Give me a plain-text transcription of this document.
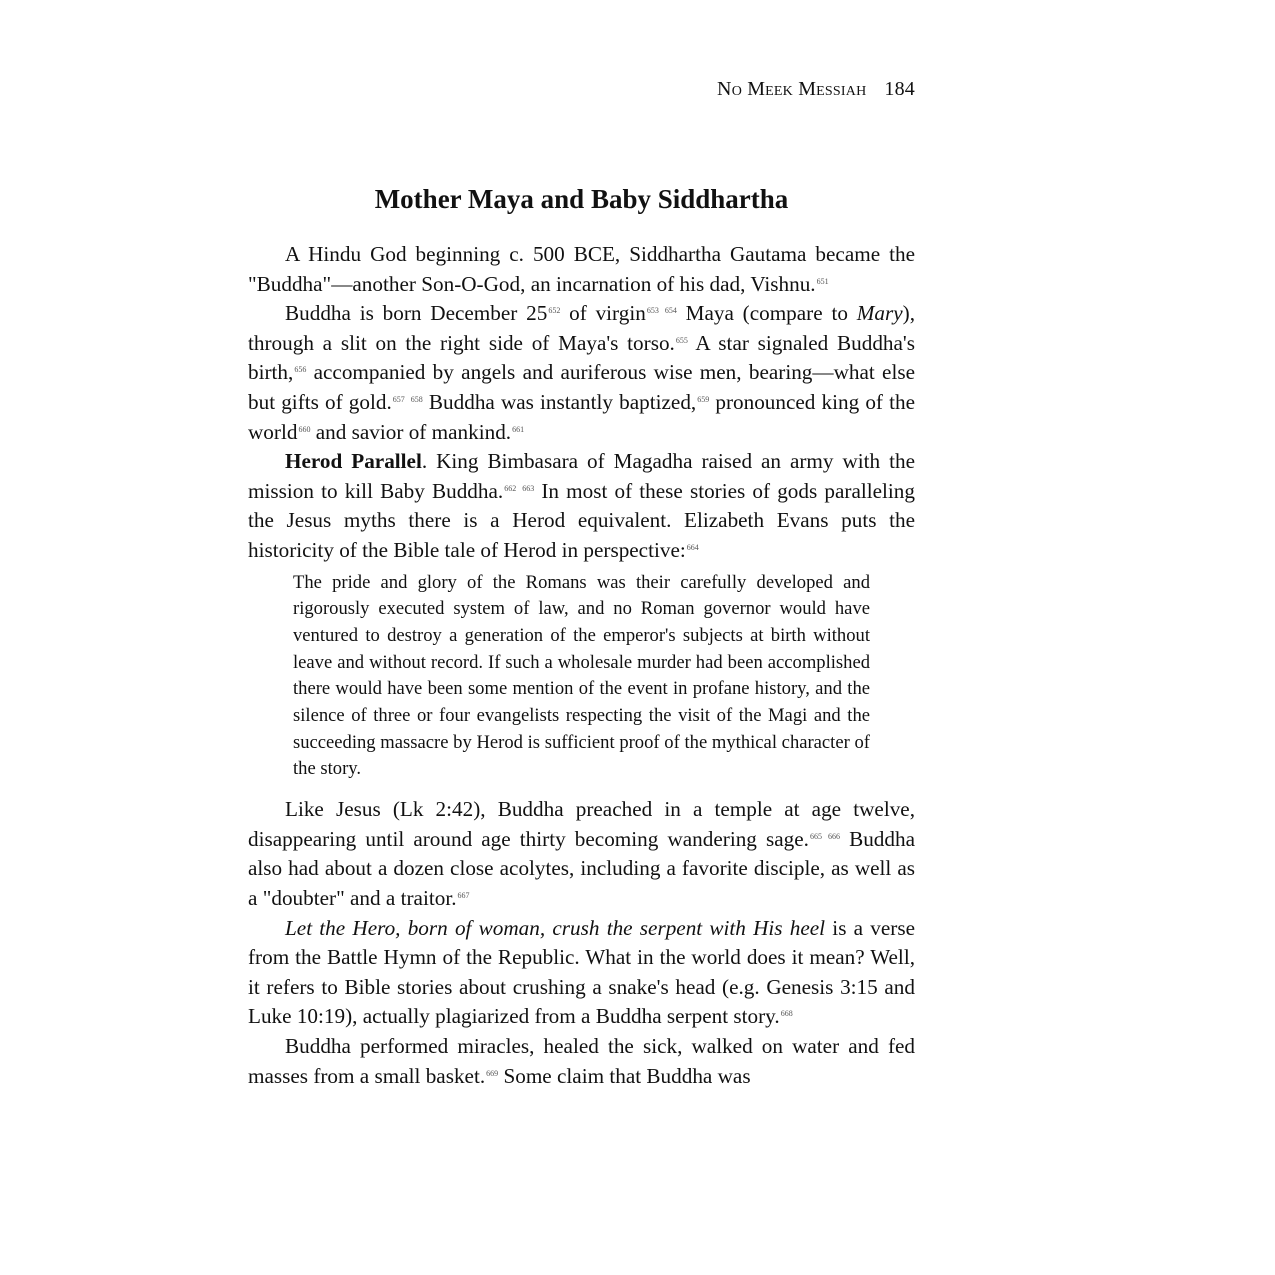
No Meek Messiah 184
Mother Maya and Baby Siddhartha

A Hindu God beginning c. 500 BCE, Siddhartha Gautama became the "Buddha"—another Son-O-God, an incarnation of his dad, Vishnu.$^{651}$

Buddha is born December 25$^{652}$ of virgin$^{653}$ $^{654}$ Maya (compare to Mary), through a slit on the right side of Maya's torso.$^{655}$ A star signaled Buddha's birth,$^{656}$ accompanied by angels and auriferous wise men, bearing—what else but gifts of gold.$^{657}$ $^{658}$ Buddha was instantly baptized,$^{659}$ pronounced king of the world$^{660}$ and savior of mankind.$^{661}$

Herod Parallel. King Bimbasara of Magadha raised an army with the mission to kill Baby Buddha.$^{662}$ $^{663}$ In most of these stories of gods paralleling the Jesus myths there is a Herod equivalent. Elizabeth Evans puts the historicity of the Bible tale of Herod in perspective:$^{664}$

The pride and glory of the Romans was their carefully developed and rigorously executed system of law, and no Roman governor would have ventured to destroy a generation of the emperor's subjects at birth without leave and without record. If such a wholesale murder had been accomplished there would have been some mention of the event in profane history, and the silence of three or four evangelists respecting the visit of the Magi and the succeeding massacre by Herod is sufficient proof of the mythical character of the story.

Like Jesus (Lk 2:42), Buddha preached in a temple at age twelve, disappearing until around age thirty becoming wandering sage.$^{665}$ $^{666}$ Buddha also had about a dozen close acolytes, including a favorite disciple, as well as a "doubter" and a traitor.$^{667}$

Let the Hero, born of woman, crush the serpent with His heel is a verse from the Battle Hymn of the Republic. What in the world does it mean? Well, it refers to Bible stories about crushing a snake's head (e.g. Genesis 3:15 and Luke 10:19), actually plagiarized from a Buddha serpent story.$^{668}$

Buddha performed miracles, healed the sick, walked on water and fed masses from a small basket.$^{669}$ Some claim that Buddha was
